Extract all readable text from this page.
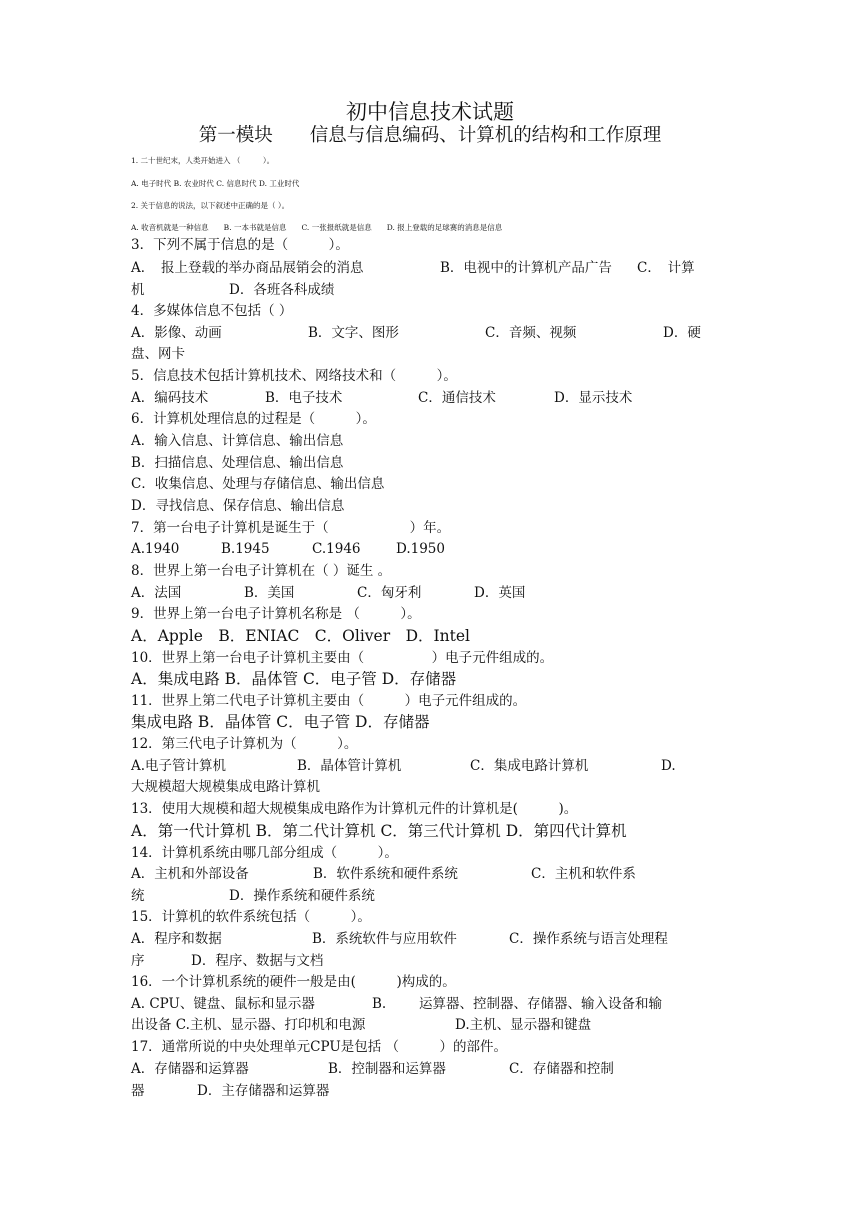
初中信息技术试题
第一模块　　信息与信息编码、计算机的结构和工作原理
1. 二十世纪末，人类开始进入 （　　　）。
A. 电子时代 B. 农业时代 C. 信息时代 D. 工业时代
2. 关于信息的说法，以下叙述中正确的是（ ）。
A. 收音机就是一种信息　　B. 一本书就是信息　　C. 一张报纸就是信息　　D. 报上登载的足球赛的消息是信息
3．下列不属于信息的是（　　　）。
A．　报上登载的举办商品展销会的消息	B．电视中的计算机产品广告 C．　计算
机	D．各班各科成绩
4．多媒体信息不包括（ ）
A．影像、动画	B．文字、图形	C．音频、视频	D．硬
盘、网卡
5．信息技术包括计算机技术、网络技术和（　　　）。
A．编码技术	B．电子技术	C．通信技术	D．显示技术
6．计算机处理信息的过程是（　　　）。
A．输入信息、计算信息、输出信息
B．扫描信息、处理信息、输出信息
C．收集信息、处理与存储信息、输出信息
D．寻找信息、保存信息、输出信息
7．第一台电子计算机是诞生于（　　　　　　）年。
A.1940	B.1945	C.1946	D.1950
8．世界上第一台电子计算机在（ ）诞生 。
A．法国	B．美国	C．匈牙利	D．英国
9．世界上第一台电子计算机名称是 （　　　）。
A．Apple　B．ENIAC　C．Oliver　D．Intel
10．世界上第一台电子计算机主要由（　　　　　）电子元件组成的。
A．集成电路 B．晶体管 C．电子管 D．存储器
11．世界上第二代电子计算机主要由（　　　）电子元件组成的。
集成电路 B．晶体管 C．电子管 D．存储器
12．第三代电子计算机为（　　　）。
A.电子管计算机	B．晶体管计算机	C．集成电路计算机	D.
大规模超大规模集成电路计算机
13．使用大规模和超大规模集成电路作为计算机元件的计算机是(　　　)。
A．第一代计算机 B．第二代计算机 C．第三代计算机 D．第四代计算机
14．计算机系统由哪几部分组成（　　　）。
A．主机和外部设备	B．软件系统和硬件系统	C．主机和软件系
统	D．操作系统和硬件系统
15．计算机的软件系统包括（　　　）。
A．程序和数据	B．系统软件与应用软件	C．操作系统与语言处理程
序	D．程序、数据与文档
16．一个计算机系统的硬件一般是由(　　　)构成的。
A. CPU、键盘、鼠标和显示器	B. 运算器、控制器、存储器、输入设备和输
出设备 C.主机、显示器、打印机和电源	D.主机、显示器和键盘
17．通常所说的中央处理单元CPU是包括 （　　　）的部件。
A．存储器和运算器	B．控制器和运算器	C．存储器和控制
器	D．主存储器和运算器
